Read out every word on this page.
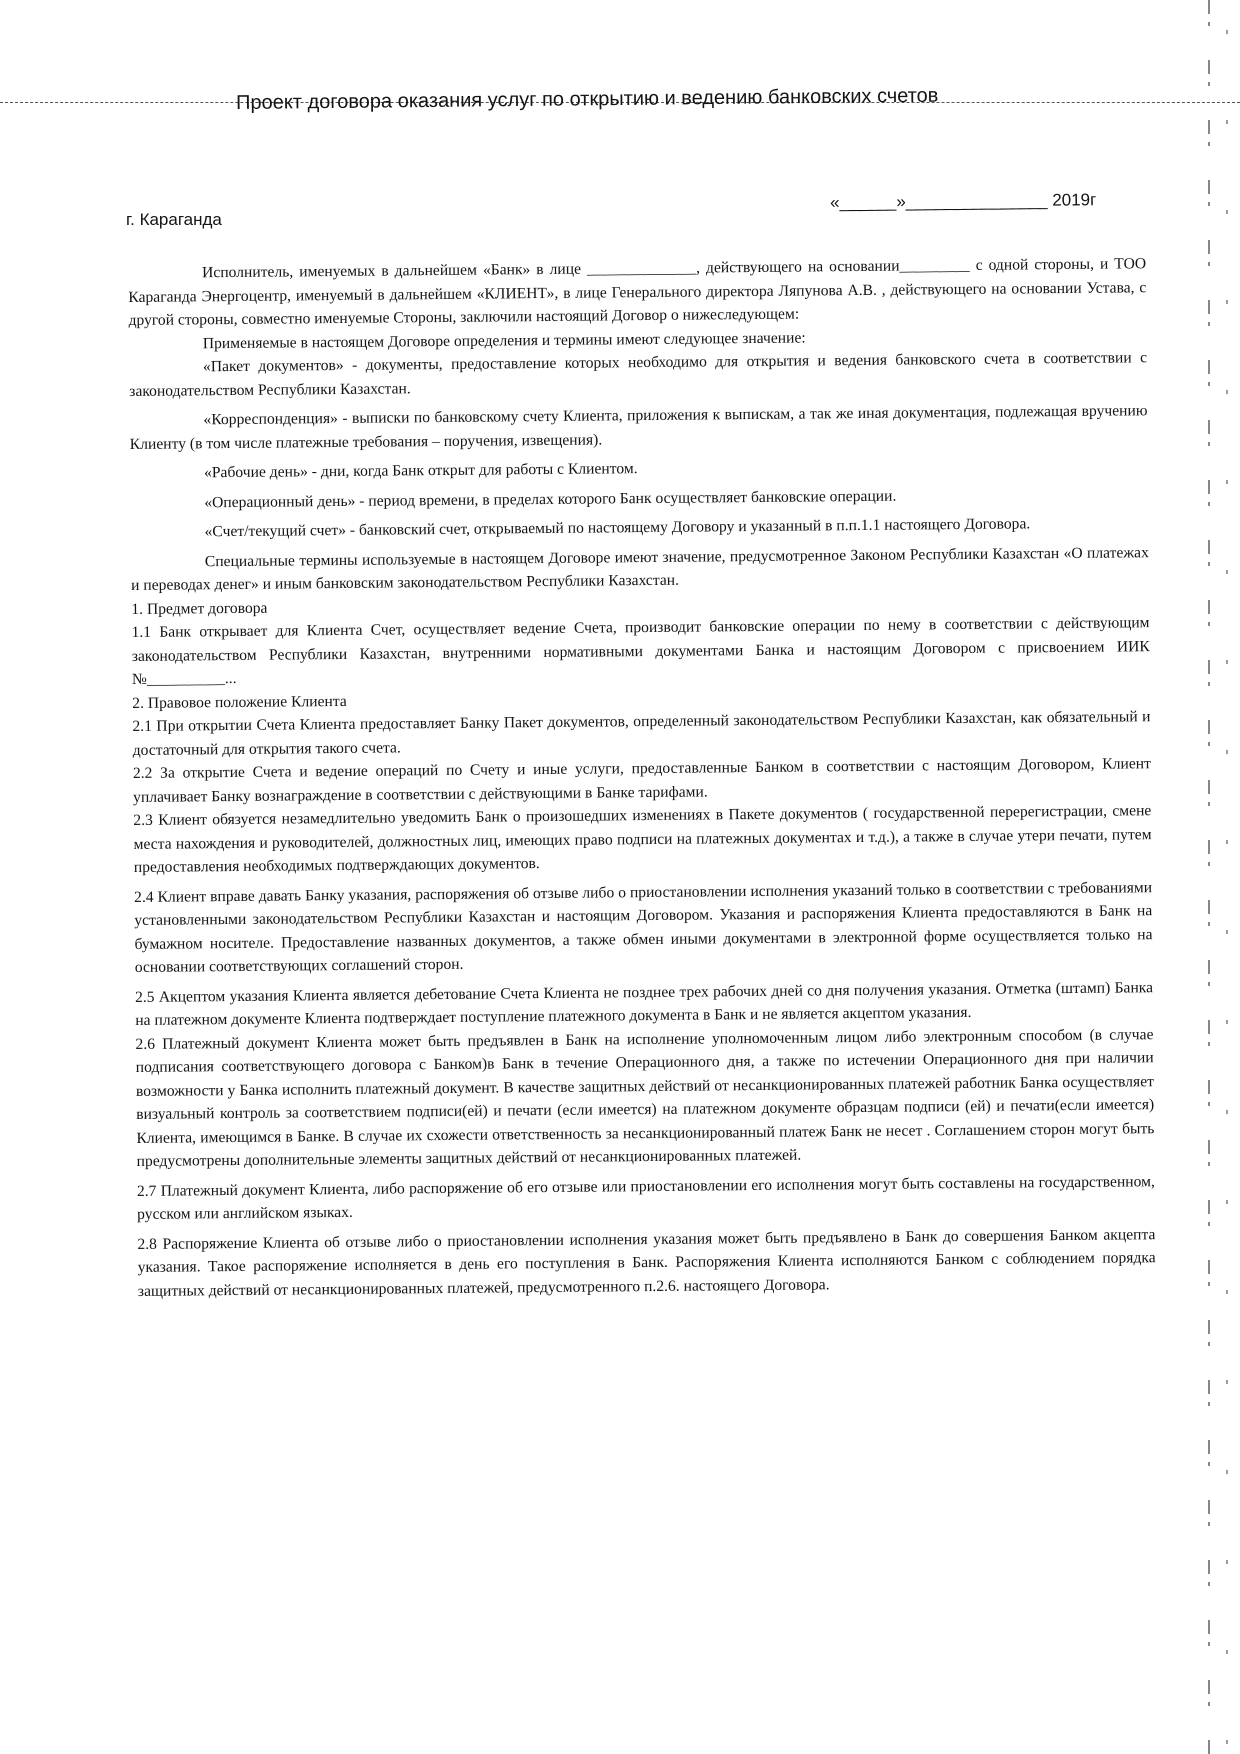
Проект договора оказания услуг по открытию и ведению банковских счетов
г. Караганда
«______»_______________ 2019г

Исполнитель, именуемых в дальнейшем «Банк» в лице ______________, действующего на основании_________ с одной стороны, и ТОО Караганда Энергоцентр, именуемый в дальнейшем «КЛИЕНТ», в лице Генерального директора Ляпунова А.В. , действующего на основании Устава, с другой стороны, совместно именуемые Стороны, заключили настоящий Договор о нижеследующем:

Применяемые в настоящем Договоре определения и термины имеют следующее значение:

«Пакет документов» - документы, предоставление которых необходимо для открытия и ведения банковского счета в соответствии с законодательством Республики Казахстан.

«Корреспонденция» - выписки по банковскому счету Клиента, приложения к выпискам, а так же иная документация, подлежащая вручению Клиенту (в том числе платежные требования – поручения, извещения).

«Рабочие день» - дни, когда Банк открыт для работы с Клиентом.

«Операционный день» - период времени, в пределах которого Банк осуществляет банковские операции.

«Счет/текущий счет» - банковский счет, открываемый по настоящему Договору и указанный в п.п.1.1 настоящего Договора.

Специальные термины используемые в настоящем Договоре имеют значение, предусмотренное Законом Республики Казахстан «О платежах и переводах денег» и иным банковским законодательством Республики Казахстан.

1. Предмет договора

1.1 Банк открывает для Клиента Счет, осуществляет ведение Счета, производит банковские операции по нему в соответствии с действующим законодательством Республики Казахстан, внутренними нормативными документами Банка и настоящим Договором с присвоением ИИК №__________...

2. Правовое положение Клиента

2.1 При открытии Счета Клиента предоставляет Банку Пакет документов, определенный законодательством Республики Казахстан, как обязательный и достаточный для открытия такого счета.

2.2 За открытие Счета и ведение операций по Счету и иные услуги, предоставленные Банком в соответствии с настоящим Договором, Клиент уплачивает Банку вознаграждение в соответствии с действующими в Банке тарифами.

2.3 Клиент обязуется незамедлительно уведомить Банк о произошедших изменениях в Пакете документов ( государственной перерегистрации, смене места нахождения и руководителей, должностных лиц, имеющих право подписи на платежных документах и т.д.), а также в случае утери печати, путем предоставления необходимых подтверждающих документов.

2.4 Клиент вправе давать Банку указания, распоряжения об отзыве либо о приостановлении исполнения указаний только в соответствии с требованиями установленными законодательством Республики Казахстан и настоящим Договором. Указания и распоряжения Клиента предоставляются в Банк на бумажном носителе. Предоставление названных документов, а также обмен иными документами в электронной форме осуществляется только на основании соответствующих соглашений сторон.

2.5 Акцептом указания Клиента является дебетование Счета Клиента не позднее трех рабочих дней со дня получения указания. Отметка (штамп) Банка на платежном документе Клиента подтверждает поступление платежного документа в Банк и не является акцептом указания.

2.6 Платежный документ Клиента может быть предъявлен в Банк на исполнение уполномоченным лицом либо электронным способом (в случае подписания соответствующего договора с Банком)в Банк в течение Операционного дня, а также по истечении Операционного дня при наличии возможности у Банка исполнить платежный документ. В качестве защитных действий от несанкционированных платежей работник Банка осуществляет визуальный контроль за соответствием подписи(ей) и печати (если имеется) на платежном документе образцам подписи (ей) и печати(если имеется) Клиента, имеющимся в Банке. В случае их схожести ответственность за несанкционированный платеж Банк не несет . Соглашением сторон могут быть предусмотрены дополнительные элементы защитных действий от несанкционированных платежей.

2.7 Платежный документ Клиента, либо распоряжение об его отзыве или приостановлении его исполнения могут быть составлены на государственном, русском или английском языках.

2.8 Распоряжение Клиента об отзыве либо о приостановлении исполнения указания может быть предъявлено в Банк до совершения Банком акцепта указания. Такое распоряжение исполняется в день его поступления в Банк. Распоряжения Клиента исполняются Банком с соблюдением порядка защитных действий от несанкционированных платежей, предусмотренного п.2.6. настоящего Договора.
